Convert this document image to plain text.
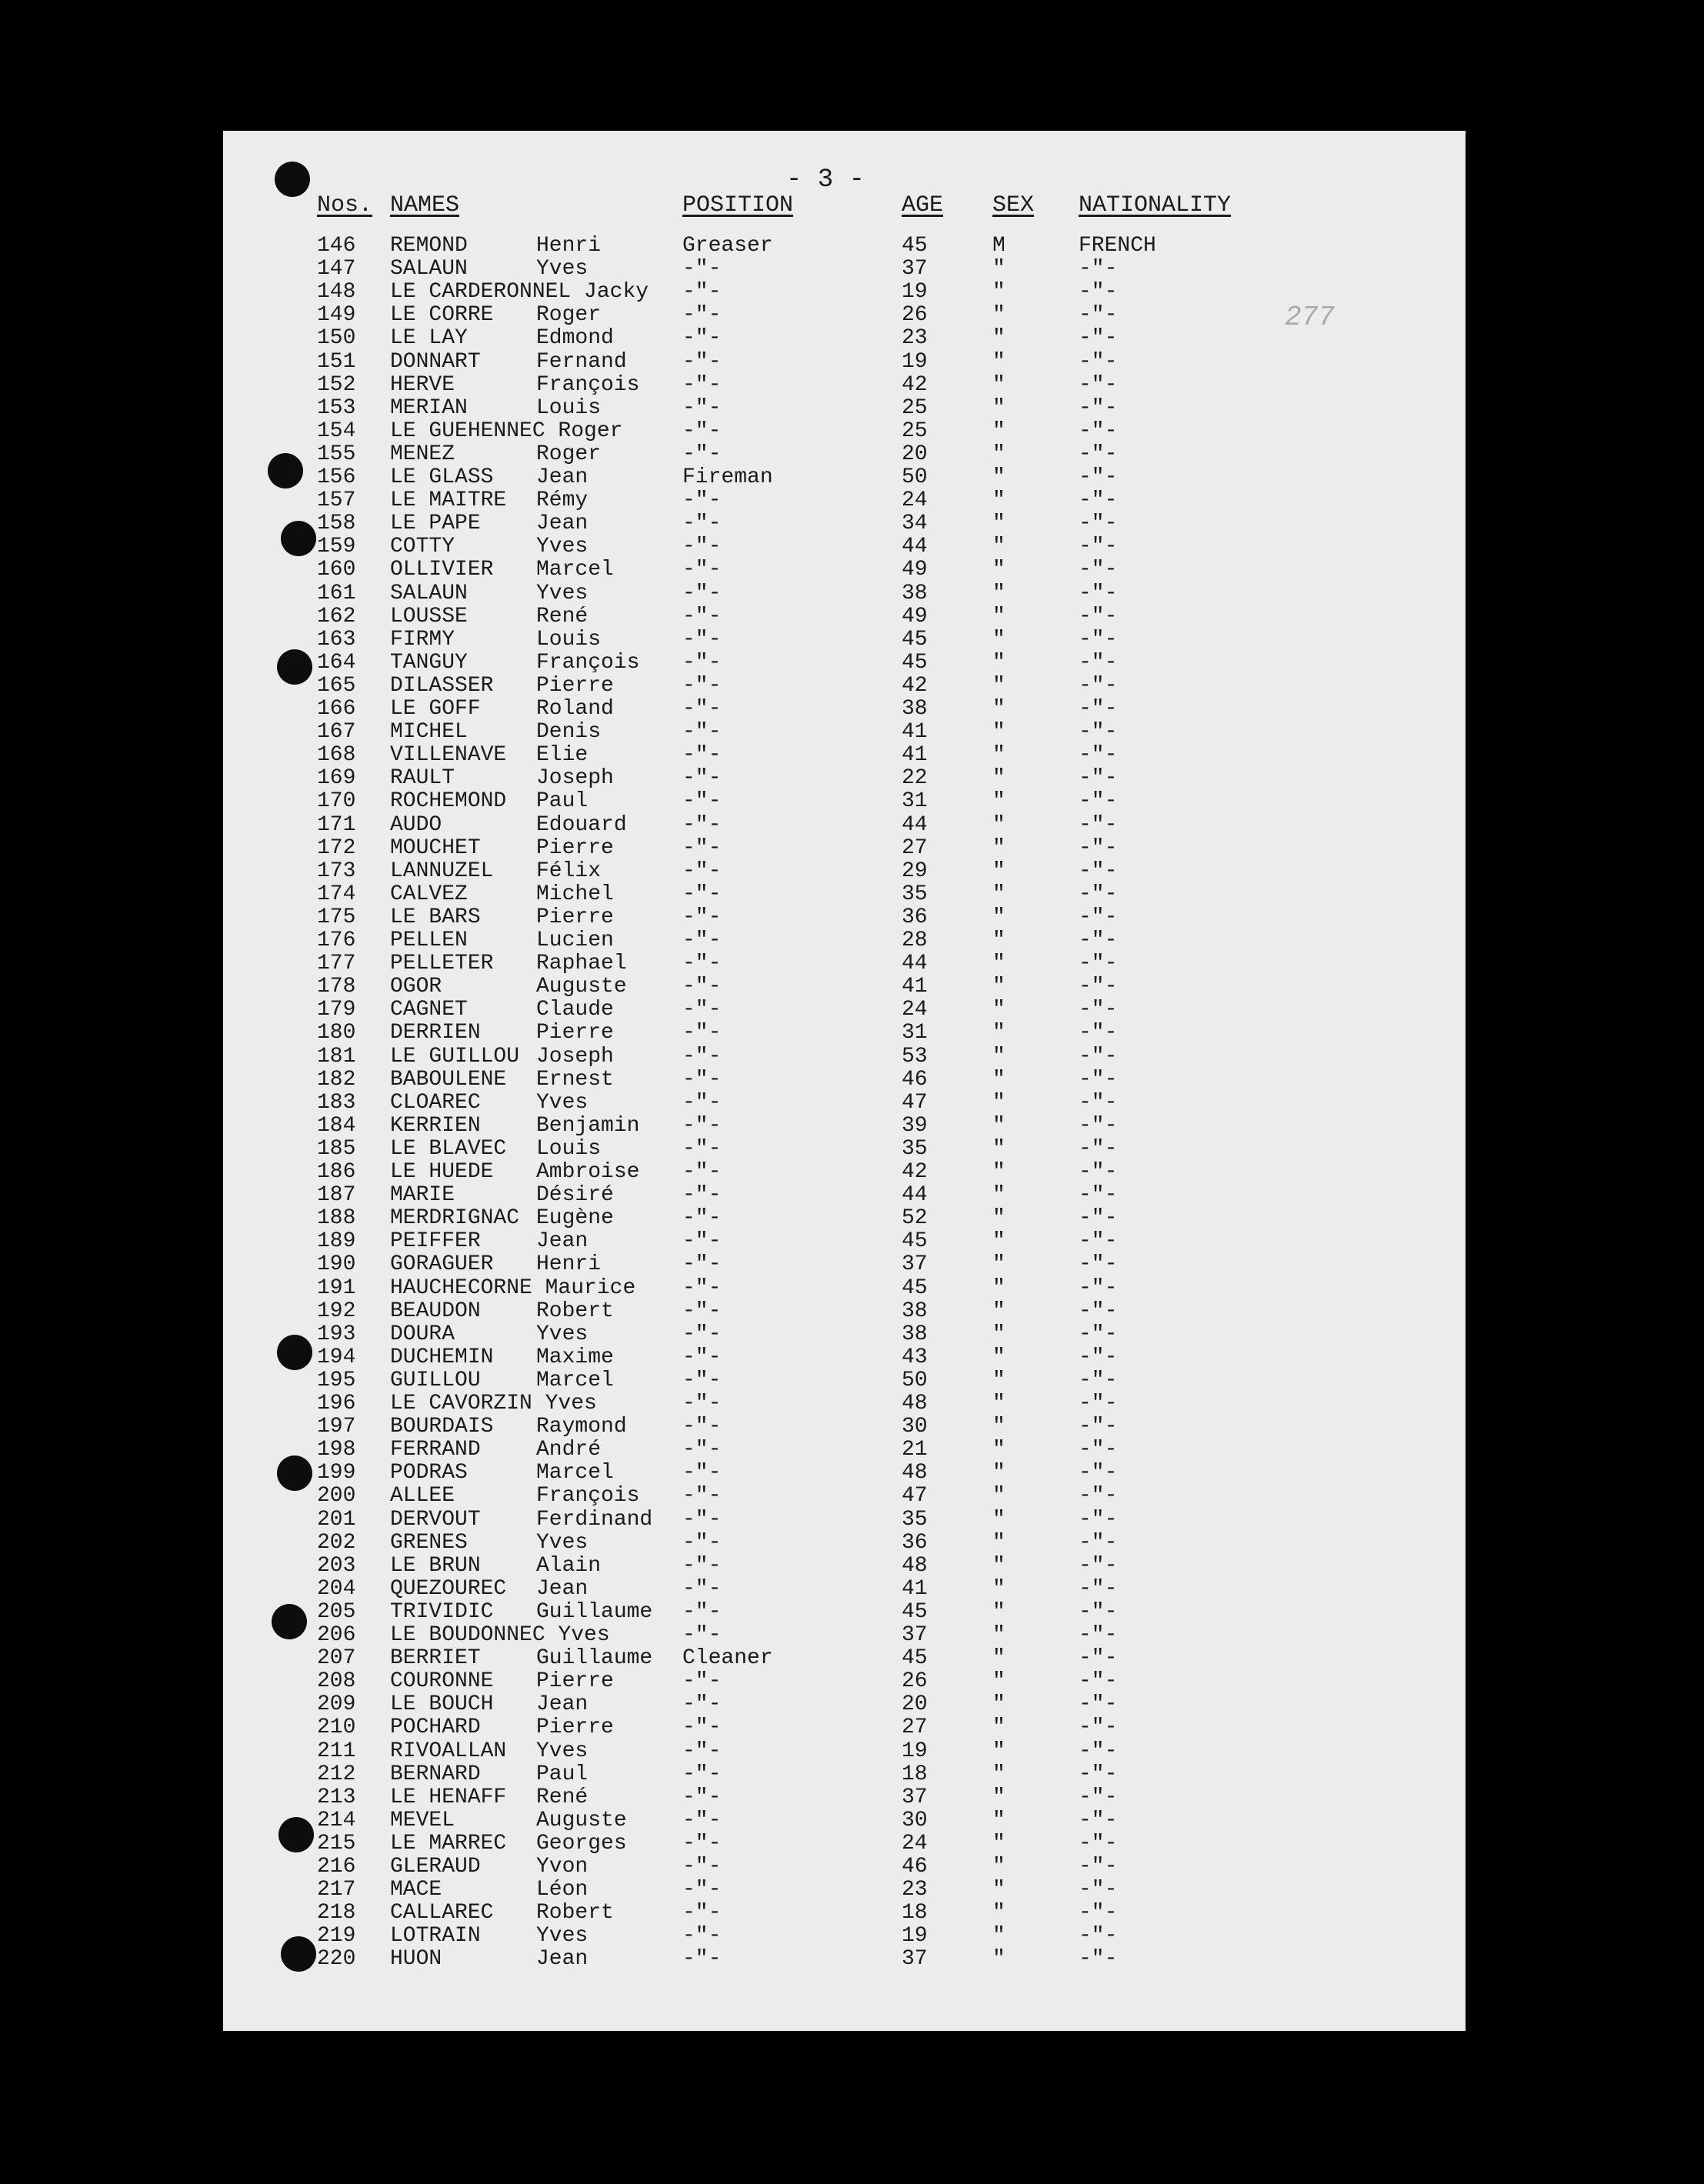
- 3 -
277
Nos. NAMES	POSITION	AGE SEX NATIONALITY
146 REMOND	Henri	Greaser	45	M	FRENCH
147 SALAUN	Yves	-"-	37	"	-"-
148 LE CARDERONNEL Jacky -"-	19	"	-"-
149 LE CORRE Roger	-"-	26	"	-"-
150 LE LAY	Edmond	-"-	23	"	-"-
151 DONNART	Fernand	-"-	19	"	-"-
152 HERVE	François -"-	42	"	-"-
153 MERIAN	Louis	-"-	25	"	-"-
154 LE GUEHENNEC Roger	-"-	25	"	-"-
155 MENEZ	Roger	-"-	20	"	-"-
156 LE GLASS Jean	Fireman	50	"	-"-
157 LE MAITRE Rémy	-"-	24	"	-"-
158 LE PAPE	Jean	-"-	34	"	-"-
159 COTTY	Yves	-"-	44	"	-"-
160 OLLIVIER Marcel	-"-	49	"	-"-
161 SALAUN	Yves	-"-	38	"	-"-
162 LOUSSE	René	-"-	49	"	-"-
163 FIRMY	Louis	-"-	45	"	-"-
164 TANGUY	François -"-	45	"	-"-
165 DILASSER Pierre	-"-	42	"	-"-
166 LE GOFF	Roland	-"-	38	"	-"-
167 MICHEL	Denis	-"-	41	"	-"-
168 VILLENAVE Elie	-"-	41	"	-"-
169 RAULT	Joseph	-"-	22	"	-"-
170 ROCHEMOND Paul	-"-	31	"	-"-
171 AUDO	Edouard	-"-	44	"	-"-
172 MOUCHET	Pierre	-"-	27	"	-"-
173 LANNUZEL Félix	-"-	29	"	-"-
174 CALVEZ	Michel	-"-	35	"	-"-
175 LE BARS	Pierre	-"-	36	"	-"-
176 PELLEN	Lucien	-"-	28	"	-"-
177 PELLETER Raphael	-"-	44	"	-"-
178 OGOR	Auguste	-"-	41	"	-"-
179 CAGNET	Claude	-"-	24	"	-"-
180 DERRIEN	Pierre	-"-	31	"	-"-
181 LE GUILLOU Joseph	-"-	53	"	-"-
182 BABOULENE Ernest	-"-	46	"	-"-
183 CLOAREC	Yves	-"-	47	"	-"-
184 KERRIEN	Benjamin -"-	39	"	-"-
185 LE BLAVEC Louis	-"-	35	"	-"-
186 LE HUEDE Ambroise -"-	42	"	-"-
187 MARIE	Désiré	-"-	44	"	-"-
188 MERDRIGNAC Eugène	-"-	52	"	-"-
189 PEIFFER	Jean	-"-	45	"	-"-
190 GORAGUER Henri	-"-	37	"	-"-
191 HAUCHECORNE Maurice -"-	45	"	-"-
192 BEAUDON	Robert	-"-	38	"	-"-
193 DOURA	Yves	-"-	38	"	-"-
194 DUCHEMIN Maxime	-"-	43	"	-"-
195 GUILLOU	Marcel	-"-	50	"	-"-
196 LE CAVORZIN Yves	-"-	48	"	-"-
197 BOURDAIS Raymond	-"-	30	"	-"-
198 FERRAND	André	-"-	21	"	-"-
199 PODRAS	Marcel	-"-	48	"	-"-
200 ALLEE	François -"-	47	"	-"-
201 DERVOUT	Ferdinand -"-	35	"	-"-
202 GRENES	Yves	-"-	36	"	-"-
203 LE BRUN	Alain	-"-	48	"	-"-
204 QUEZOUREC Jean	-"-	41	"	-"-
205 TRIVIDIC Guillaume -"-	45	"	-"-
206 LE BOUDONNEC Yves	-"-	37	"	-"-
207 BERRIET	Guillaume Cleaner	45	"	-"-
208 COURONNE Pierre	-"-	26	"	-"-
209 LE BOUCH Jean	-"-	20	"	-"-
210 POCHARD	Pierre	-"-	27	"	-"-
211 RIVOALLAN Yves	-"-	19	"	-"-
212 BERNARD	Paul	-"-	18	"	-"-
213 LE HENAFF René	-"-	37	"	-"-
214 MEVEL	Auguste	-"-	30	"	-"-
215 LE MARREC Georges	-"-	24	"	-"-
216 GLERAUD	Yvon	-"-	46	"	-"-
217 MACE	Léon	-"-	23	"	-"-
218 CALLAREC Robert	-"-	18	"	-"-
219 LOTRAIN	Yves	-"-	19	"	-"-
220 HUON	Jean	-"-	37	"	-"-
